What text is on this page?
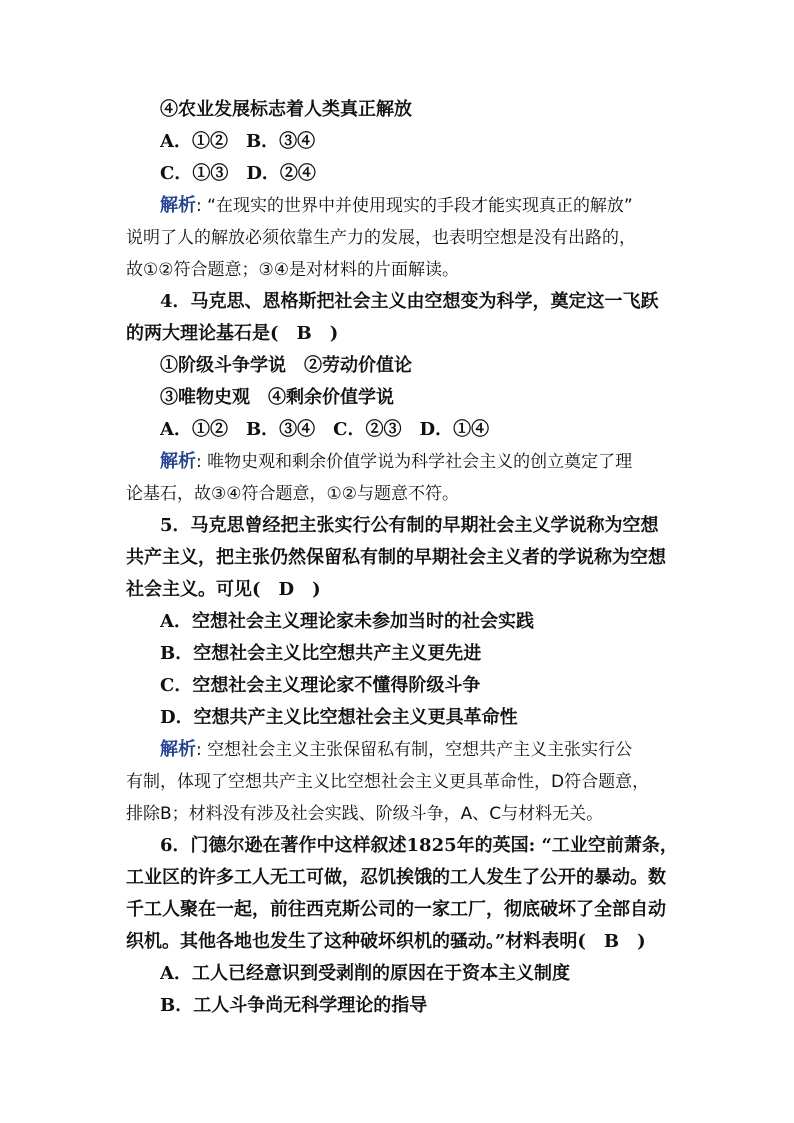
④农业发展标志着人类真正解放
A．①②　B．③④
C．①③　D．②④
解析: “在现实的世界中并使用现实的手段才能实现真正的解放”
说明了人的解放必须依靠生产力的发展，也表明空想是没有出路的，
故①②符合题意；③④是对材料的片面解读。
4．马克思、恩格斯把社会主义由空想变为科学，奠定这一飞跃
的两大理论基石是(　B　)
①阶级斗争学说　②劳动价值论
③唯物史观　④剩余价值学说
A．①②　B．③④　C．②③　D．①④
解析: 唯物史观和剩余价值学说为科学社会主义的创立奠定了理
论基石，故③④符合题意，①②与题意不符。
5．马克思曾经把主张实行公有制的早期社会主义学说称为空想
共产主义，把主张仍然保留私有制的早期社会主义者的学说称为空想
社会主义。可见(　D　)
A．空想社会主义理论家未参加当时的社会实践
B．空想社会主义比空想共产主义更先进
C．空想社会主义理论家不懂得阶级斗争
D．空想共产主义比空想社会主义更具革命性
解析: 空想社会主义主张保留私有制，空想共产主义主张实行公
有制，体现了空想共产主义比空想社会主义更具革命性，D符合题意，
排除B；材料没有涉及社会实践、阶级斗争，A、C与材料无关。
6．门德尔逊在著作中这样叙述1825年的英国: “工业空前萧条，
工业区的许多工人无工可做，忍饥挨饿的工人发生了公开的暴动。数
千工人聚在一起，前往西克斯公司的一家工厂，彻底破坏了全部自动
织机。其他各地也发生了这种破坏织机的骚动。”材料表明(　B　)
A．工人已经意识到受剥削的原因在于资本主义制度
B．工人斗争尚无科学理论的指导
